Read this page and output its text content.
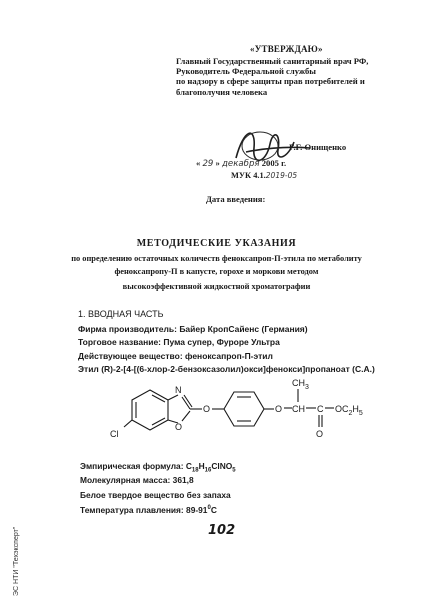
«УТВЕРЖДАЮ»
Главный Государственный санитарный врач РФ,
Руководитель Федеральной службы
по надзору в сфере защиты прав потребителей и
благополучия человека
Г.Г. Онищенко
« 29 » декабря 2005 г.
МУК 4.1.2019-05
Дата введения:
МЕТОДИЧЕСКИЕ УКАЗАНИЯ
по определению остаточных количеств феноксапроп-П-этила по метаболиту
феноксапропу-П в капусте, горохе и моркови методом
высокоэффективной жидкостной хроматографии
1. ВВОДНАЯ ЧАСТЬ
Фирма производитель: Байер КропСайенс (Германия)
Торговое название: Пума супер, Фуроре Ультра
Действующее вещество: феноксапроп-П-этил
Этил (R)-2-[4-[(6-хлор-2-бензоксазолил)окси]фенокси]пропаноат (С.А.)
N
O
Cl
O	O CH
$CH_3$
C
O
$OC_2H_5$
Эмпирическая формула: $C_{18}H_{16}ClNO_5$
Молекулярная масса: 361,8
Белое твердое вещество без запаха
Температура плавления: $89-91^0С$
102
ЭС НТИ "Техэксперт"
